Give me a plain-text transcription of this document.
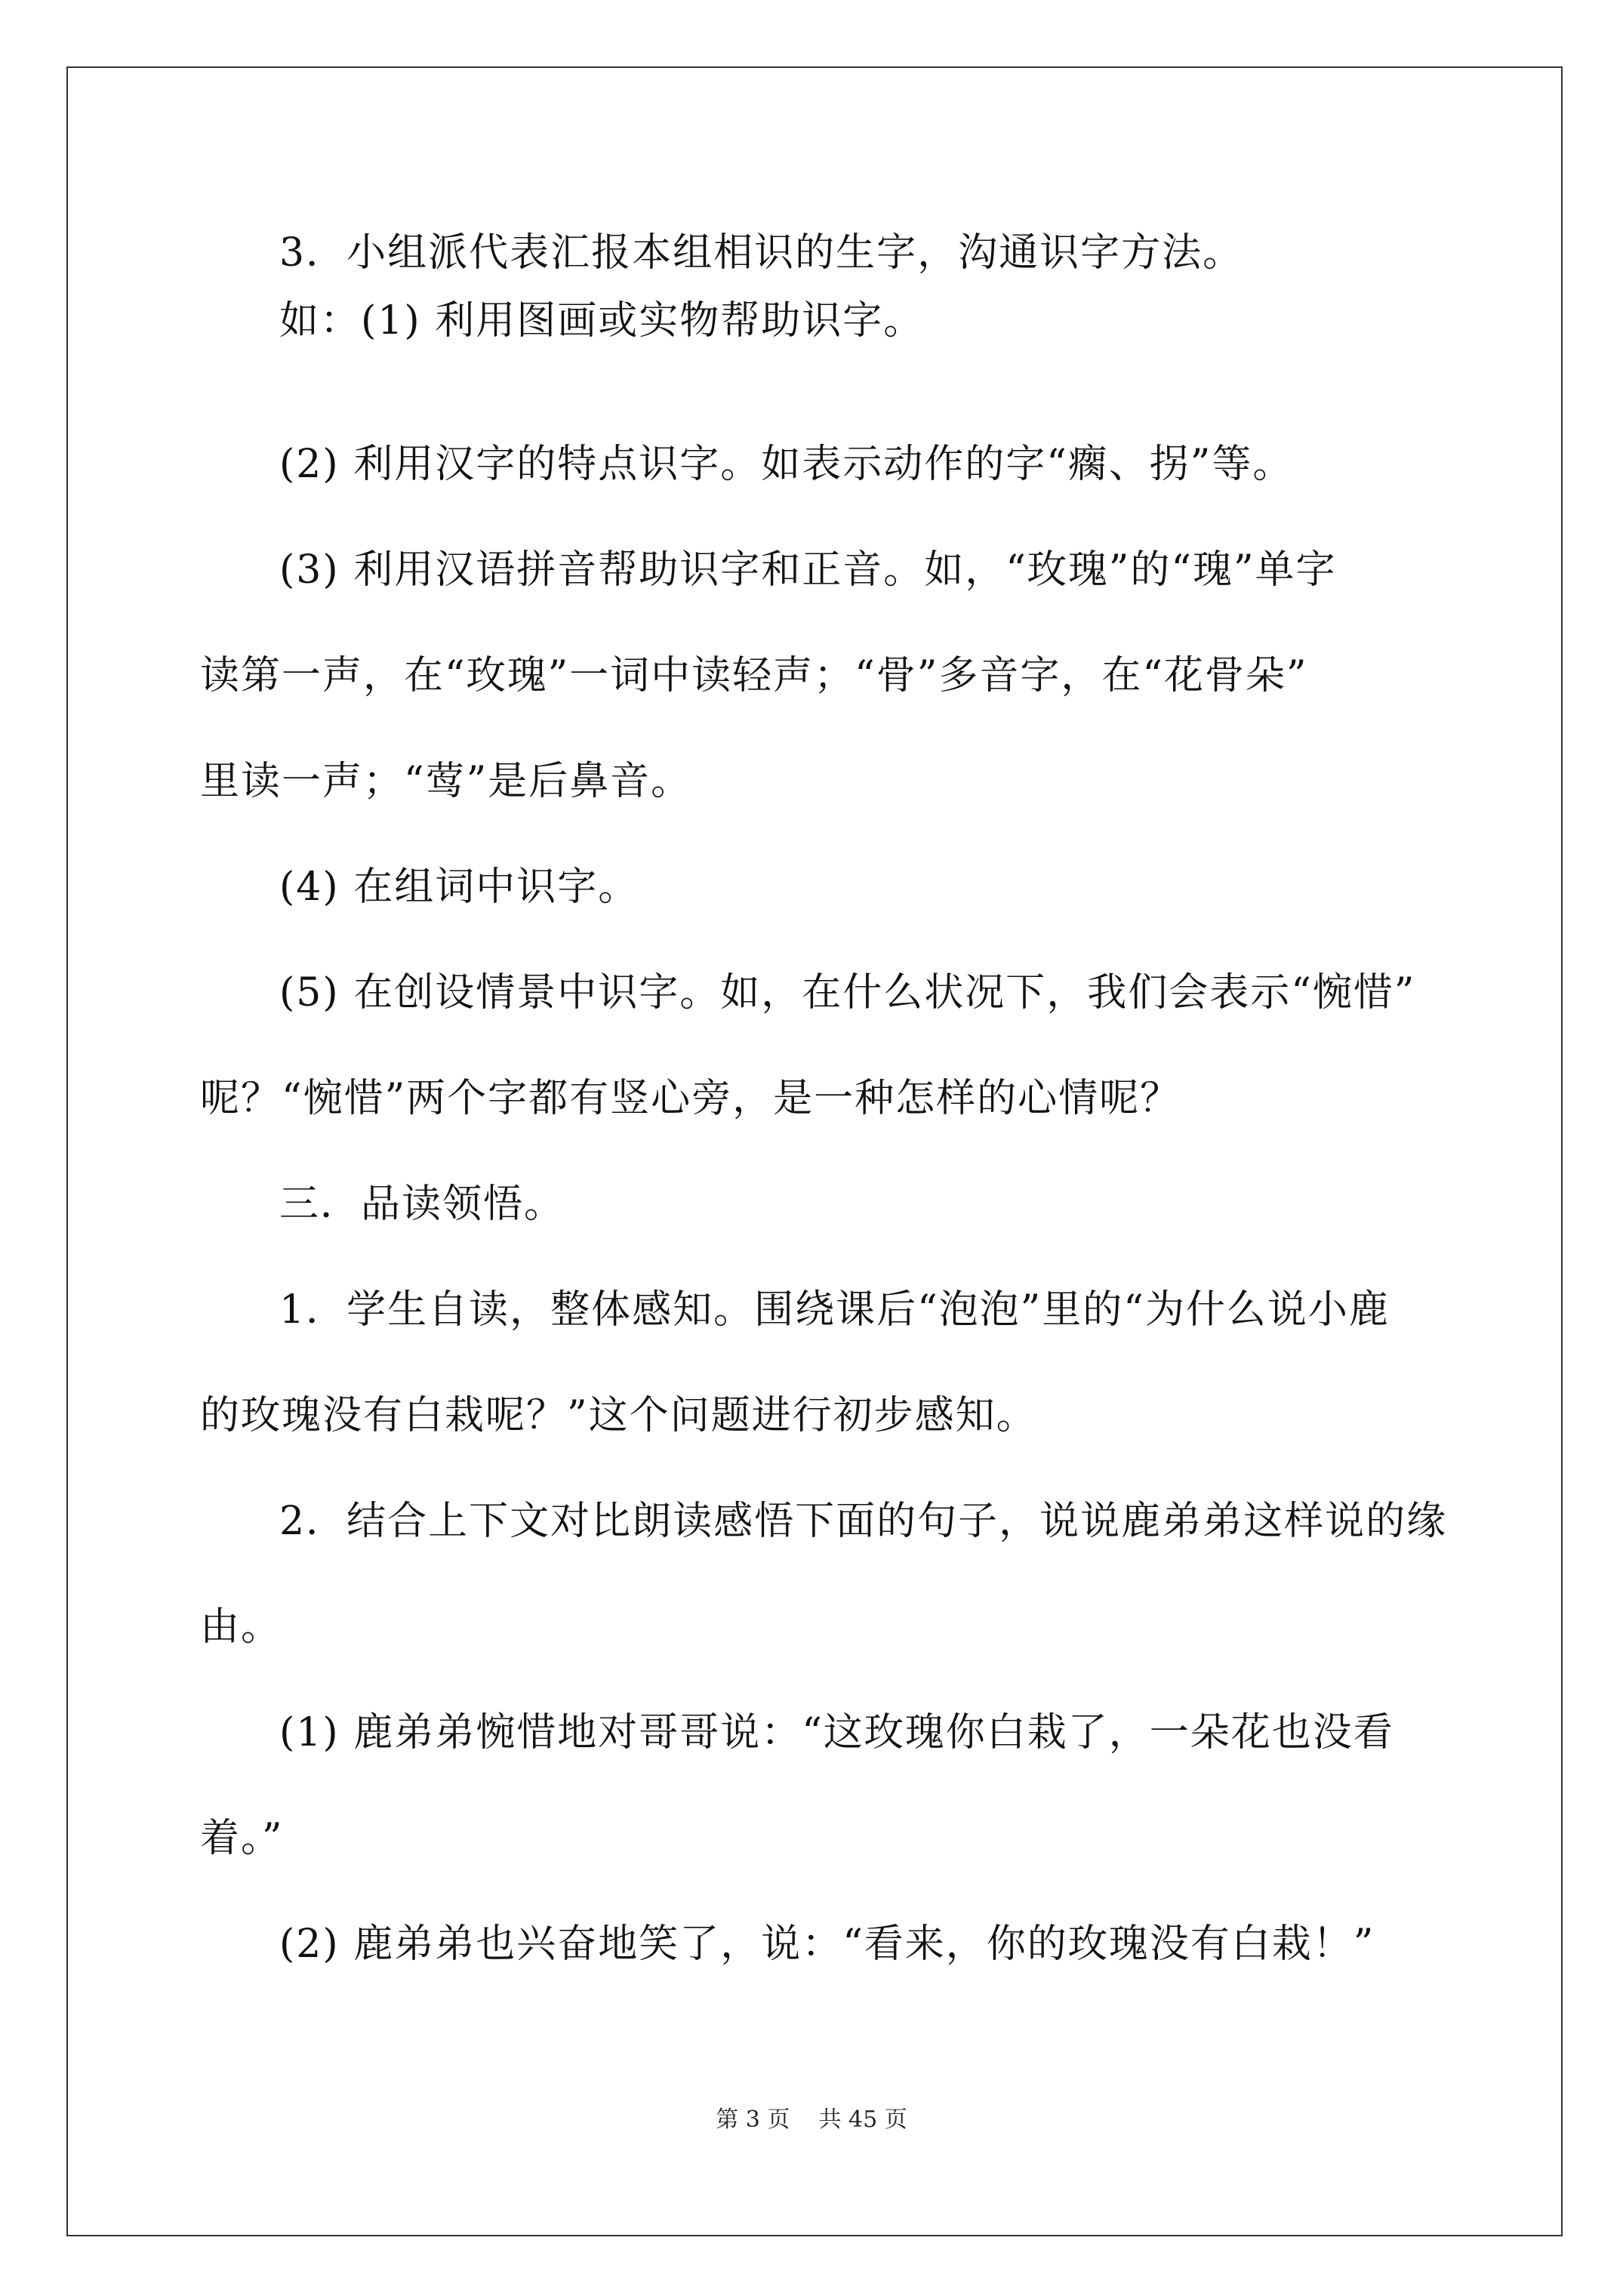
3．小组派代表汇报本组相识的生字，沟通识字方法。

如：(1) 利用图画或实物帮助识字。

(2) 利用汉字的特点识字。如表示动作的字“瘸、拐”等。

(3) 利用汉语拼音帮助识字和正音。如，“玫瑰”的“瑰”单字

读第一声，在“玫瑰”一词中读轻声；“骨”多音字，在“花骨朵”

里读一声；“莺”是后鼻音。

(4) 在组词中识字。

(5) 在创设情景中识字。如，在什么状况下，我们会表示“惋惜”

呢？“惋惜”两个字都有竖心旁，是一种怎样的心情呢？

三．品读领悟。

1．学生自读，整体感知。围绕课后“泡泡”里的“为什么说小鹿

的玫瑰没有白栽呢？”这个问题进行初步感知。

2．结合上下文对比朗读感悟下面的句子，说说鹿弟弟这样说的缘

由。

(1) 鹿弟弟惋惜地对哥哥说：“这玫瑰你白栽了，一朵花也没看

着。”

(2) 鹿弟弟也兴奋地笑了，说：“看来，你的玫瑰没有白栽！”

第 3 页    共 45 页
